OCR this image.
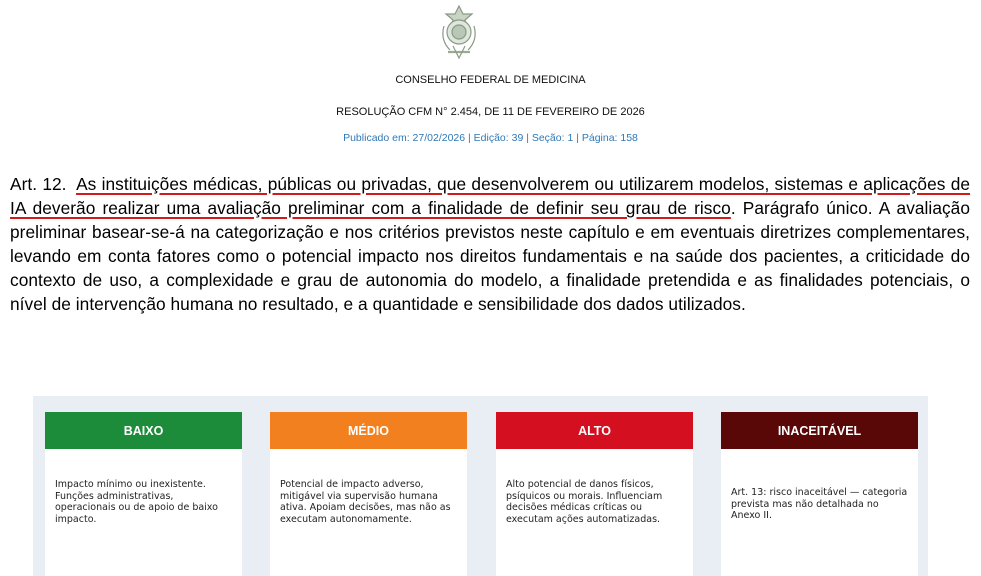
CONSELHO FEDERAL DE MEDICINA
RESOLUÇÃO CFM N° 2.454, DE 11 DE FEVEREIRO DE 2026
Publicado em: 27/02/2026 | Edição: 39 | Seção: 1 | Página: 158

Art. 12. As instituições médicas, públicas ou privadas, que desenvolverem ou utilizarem modelos, sistemas e aplicações de IA deverão realizar uma avaliação preliminar com a finalidade de definir seu grau de risco. Parágrafo único. A avaliação preliminar basear-se-á na categorização e nos critérios previstos neste capítulo e em eventuais diretrizes complementares, levando em conta fatores como o potencial impacto nos direitos fundamentais e na saúde dos pacientes, a criticidade do contexto de uso, a complexidade e grau de autonomia do modelo, a finalidade pretendida e as finalidades potenciais, o nível de intervenção humana no resultado, e a quantidade e sensibilidade dos dados utilizados.

BAIXO
Impacto mínimo ou inexistente. Funções administrativas, operacionais ou de apoio de baixo impacto.
MÉDIO
Potencial de impacto adverso, mitigável via supervisão humana ativa. Apoiam decisões, mas não as executam autonomamente.
ALTO
Alto potencial de danos físicos, psíquicos ou morais. Influenciam decisões médicas críticas ou executam ações automatizadas.
INACEITÁVEL
Art. 13: risco inaceitável — categoria prevista mas não detalhada no Anexo II.
